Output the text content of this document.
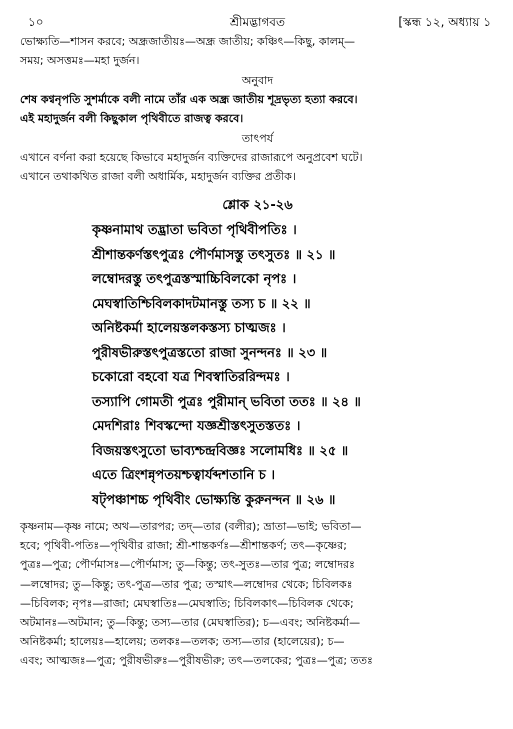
১০	শ্রীমদ্ভাগবত	[স্কন্ধ ১২, অধ্যায় ১
ভোক্ষ্যতি—শাসন করবে; অন্ধ্রজাতীয়ঃ—অন্ধ্র জাতীয়; কঞ্চিৎ—কিছু, কালম্—
সময়; অসত্তমঃ—মহা দুর্জন।
অনুবাদ
শেষ কণ্বনৃপতি সুশর্মাকে বলী নামে তাঁর এক অন্ধ্র জাতীয় শূদ্রভৃত্য হত্যা করবে।
এই মহাদুর্জন বলী কিছুকাল পৃথিবীতে রাজত্ব করবে।
তাৎপর্য
এখানে বর্ণনা করা হয়েছে কিভাবে মহাদুর্জন ব্যক্তিদের রাজারূপে অনুপ্রবেশ ঘটে।
এখানে তথাকথিত রাজা বলী অধার্মিক, মহাদুর্জন ব্যক্তির প্রতীক।
শ্লোক ২১-২৬
কৃষ্ণনামাথ তদ্ভ্রাতা ভবিতা পৃথিবীপতিঃ ।
শ্রীশান্তকর্ণস্তৎপুত্রঃ পৌর্ণমাসস্তু তৎসুতঃ ॥ ২১ ॥
লম্বোদরস্তু তৎপুত্রস্তস্মাচ্চিবিলকো নৃপঃ ।
মেঘস্বাতিশ্চিবিলকাদটমানস্তু তস্য চ ॥ ২২ ॥
অনিষ্টকর্মা হালেয়স্তলকস্তস্য চাত্মজঃ ।
পুরীষভীরুস্তৎপুত্রস্ততো রাজা সুনন্দনঃ ॥ ২৩ ॥
চকোরো বহবো যত্র শিবস্বাতিররিন্দমঃ ।
তস্যাপি গোমতী পুত্রঃ পুরীমান্ ভবিতা ততঃ ॥ ২৪ ॥
মেদশিরাঃ শিবস্কন্দো যজ্ঞশ্রীস্তৎসুতস্ততঃ ।
বিজয়স্তৎসুতো ভাব্যশ্চন্দ্রবিজ্ঞঃ সলোমধিঃ ॥ ২৫ ॥
এতে ত্রিংশন্নৃপতয়শ্চত্বার্যব্দশতানি চ ।
ষট্পঞ্চাশচ্চ পৃথিবীং ভোক্ষ্যন্তি কুরুনন্দন ॥ ২৬ ॥
কৃষ্ণনাম—কৃষ্ণ নামে; অথ—তারপর; তদ্—তার (বলীর); ভ্রাতা—ভাই; ভবিতা—
হবে; পৃথিবী-পতিঃ—পৃথিবীর রাজা; শ্রী-শান্তকর্ণঃ—শ্রীশান্তকর্ণ; তৎ—কৃষ্ণের;
পুত্রঃ—পুত্র; পৌর্ণমাসঃ—পৌর্ণমাস; তু—কিন্তু; তৎ-সুতঃ—তার পুত্র; লম্বোদরঃ
—লম্বোদর; তু—কিন্তু; তৎ-পুত্র—তার পুত্র; তস্মাৎ—লম্বোদর থেকে; চিবিলকঃ
—চিবিলক; নৃপঃ—রাজা; মেঘস্বাতিঃ—মেঘস্বাতি; চিবিলকাৎ—চিবিলক থেকে;
অটমানঃ—অটমান; তু—কিন্তু; তস্য—তার (মেঘস্বাতির); চ—এবং; অনিষ্টকর্মা—
অনিষ্টকর্মা; হালেয়ঃ—হালেয়; তলকঃ—তলক; তস্য—তার (হালেয়ের); চ—
এবং; আত্মজঃ—পুত্র; পুরীষভীরুঃ—পুরীষভীরু; তৎ—তলকের; পুত্রঃ—পুত্র; ততঃ
